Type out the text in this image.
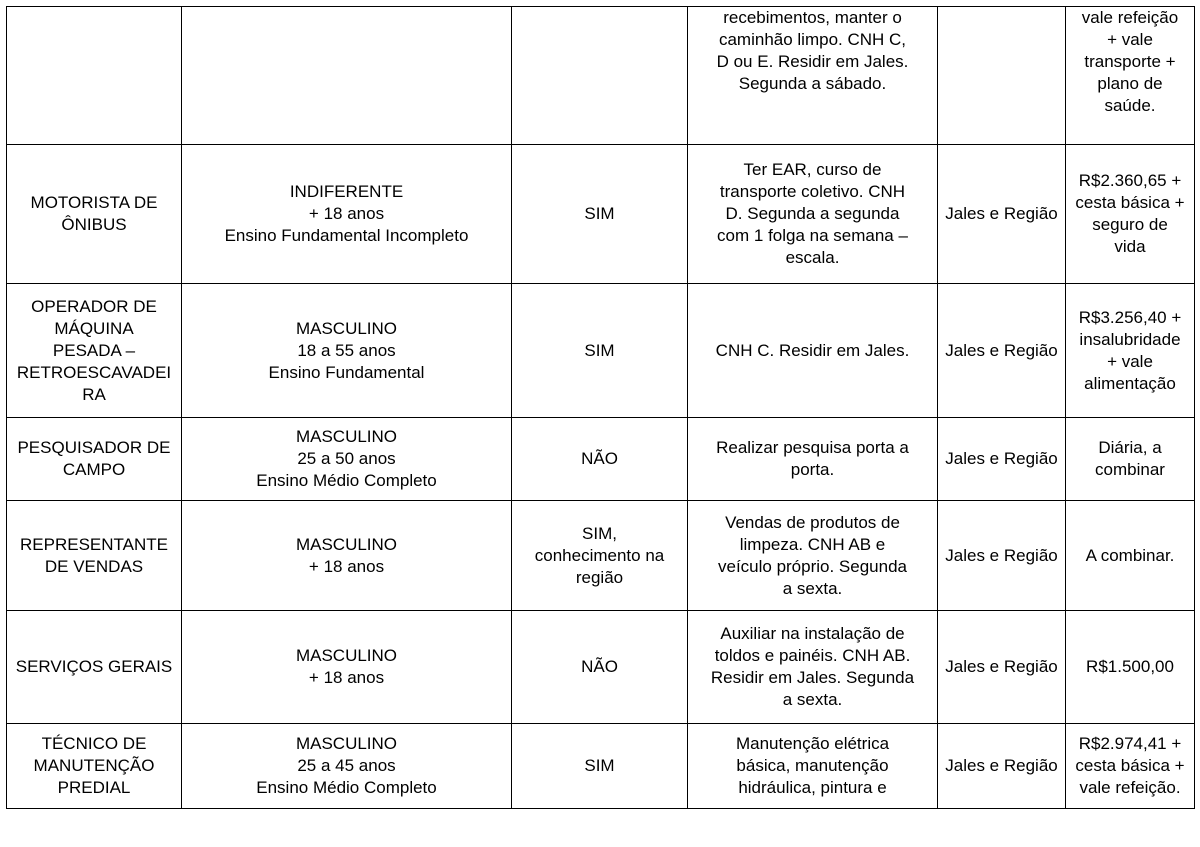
			recebimentos, manter o
caminhão limpo. CNH C,
D ou E. Residir em Jales.
Segunda a sábado.		vale refeição
+ vale
transporte +
plano de
saúde.

MOTORISTA DE
ÔNIBUS	INDIFERENTE
+ 18 anos
Ensino Fundamental Incompleto	SIM	Ter EAR, curso de
transporte coletivo. CNH
D. Segunda a segunda
com 1 folga na semana –
escala.	Jales e Região	R$2.360,65 +
cesta básica +
seguro de
vida

OPERADOR DE
MÁQUINA
PESADA –
RETROESCAVADEI
RA	MASCULINO
18 a 55 anos
Ensino Fundamental	SIM	CNH C. Residir em Jales.	Jales e Região	R$3.256,40 +
insalubridade
+ vale
alimentação

PESQUISADOR DE
CAMPO	MASCULINO
25 a 50 anos
Ensino Médio Completo	NÃO	Realizar pesquisa porta a
porta.	Jales e Região	Diária, a
combinar

REPRESENTANTE
DE VENDAS	MASCULINO
+ 18 anos	SIM,
conhecimento na
região	Vendas de produtos de
limpeza. CNH AB e
veículo próprio. Segunda
a sexta.	Jales e Região	A combinar.

SERVIÇOS GERAIS	MASCULINO
+ 18 anos	NÃO	Auxiliar na instalação de
toldos e painéis. CNH AB.
Residir em Jales. Segunda
a sexta.	Jales e Região	R$1.500,00

TÉCNICO DE
MANUTENÇÃO
PREDIAL	MASCULINO
25 a 45 anos
Ensino Médio Completo	SIM	Manutenção elétrica
básica, manutenção
hidráulica, pintura e	Jales e Região	R$2.974,41 +
cesta básica +
vale refeição.
